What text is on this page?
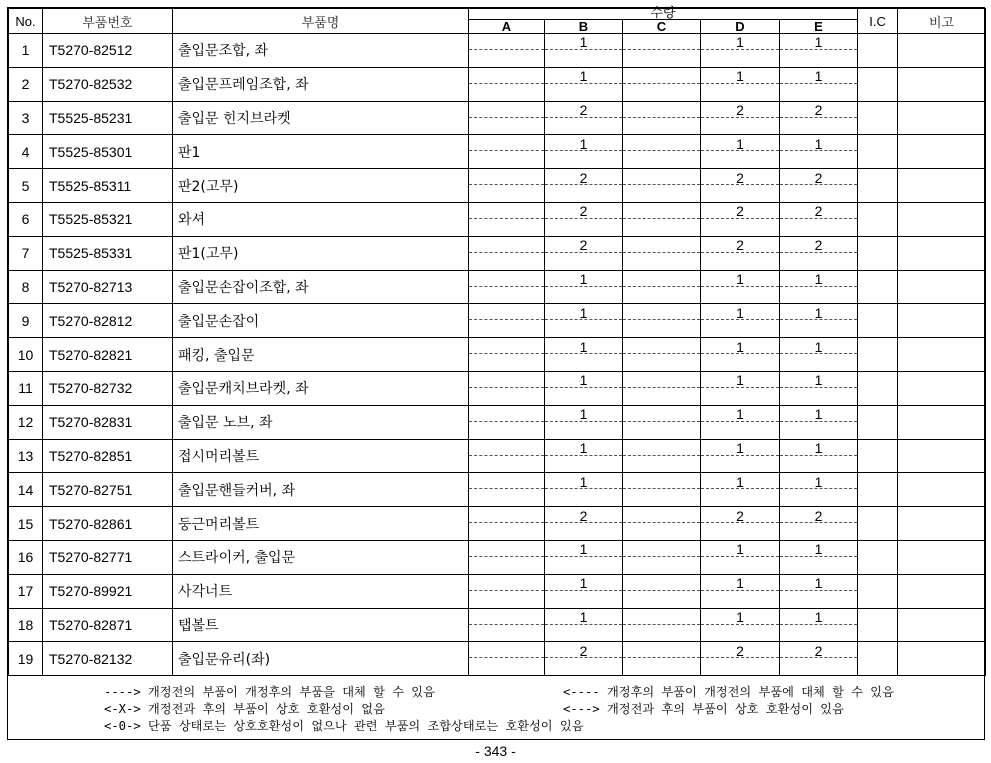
No.	부품번호	부품명	수량					I.C	비고
			A	B	C	D	E		
1	T5270-82512	출입문조합, 좌		1		1	1		

2	T5270-82532	출입문프레임조합, 좌		1		1	1		

3	T5525-85231	출입문 힌지브라켓		2		2	2		

4	T5525-85301	판1		1		1	1		

5	T5525-85311	판2(고무)		2		2	2		

6	T5525-85321	와셔		2		2	2		

7	T5525-85331	판1(고무)		2		2	2		

8	T5270-82713	출입문손잡이조합, 좌		1		1	1		

9	T5270-82812	출입문손잡이		1		1	1		

10	T5270-82821	패킹, 출입문		1		1	1		

11	T5270-82732	출입문캐치브라켓, 좌		1		1	1		

12	T5270-82831	출입문 노브, 좌		1		1	1		

13	T5270-82851	접시머리볼트		1		1	1		

14	T5270-82751	출입문핸들커버, 좌		1		1	1		

15	T5270-82861	둥근머리볼트		2		2	2		

16	T5270-82771	스트라이커, 출입문		1		1	1		

17	T5270-89921	사각너트		1		1	1		

18	T5270-82871	탭볼트		1		1	1		

19	T5270-82132	출입문유리(좌)		2		2	2		

----> 개정전의 부품이 개정후의 부품을 대체 할 수 있음
<-X-> 개정전과 후의 부품이 상호 호환성이 없음
<-0-> 단품 상태로는 상호호환성이 없으나 관련 부품의 조합상태로는 호환성이 있음
<---- 개정후의 부품이 개정전의 부품에 대체 할 수 있음
<---> 개정전과 후의 부품이 상호 호환성이 있음
- 343 -
